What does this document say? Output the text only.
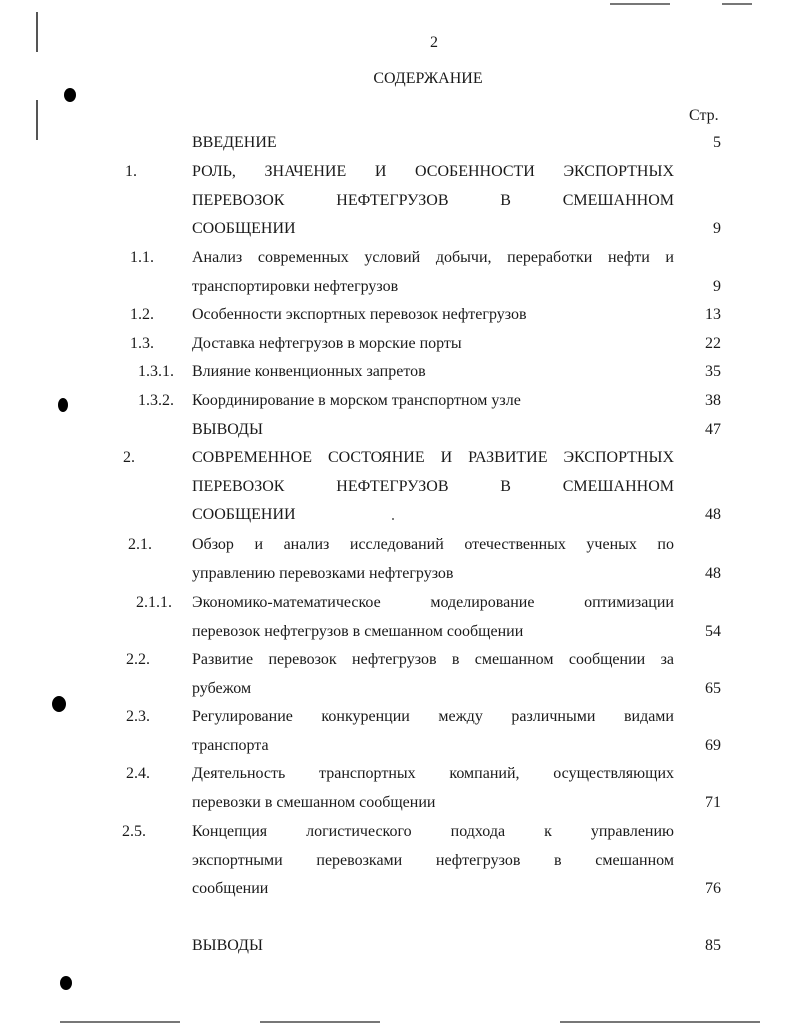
2
СОДЕРЖАНИЕ
Стр.
ВВЕДЕНИЕ	5
1.	РОЛЬ, ЗНАЧЕНИЕ И ОСОБЕННОСТИ ЭКСПОРТНЫХ
ПЕРЕВОЗОК НЕФТЕГРУЗОВ В СМЕШАННОМ
СООБЩЕНИИ	9
1.1. Анализ современных условий добычи, переработки нефти и
транспортировки нефтегрузов	9
1.2. Особенности экспортных перевозок нефтегрузов	13
1.3. Доставка нефтегрузов в морские порты	22
1.3.1. Влияние конвенционных запретов	35
1.3.2. Координирование в морском транспортном узле	38
ВЫВОДЫ	47
2.	СОВРЕМЕННОЕ СОСТОЯНИЕ И РАЗВИТИЕ ЭКСПОРТНЫХ
ПЕРЕВОЗОК НЕФТЕГРУЗОВ В СМЕШАННОМ
СООБЩЕНИИ	48
2.1.	Обзор и анализ исследований отечественных ученых по
управлению перевозками нефтегрузов	48
2.1.1. Экономико-математическое моделирование оптимизации
перевозок нефтегрузов в смешанном сообщении	54
2.2.	Развитие перевозок нефтегрузов в смешанном сообщении за
рубежом	65
2.3.	Регулирование конкуренции между различными видами
транспорта	69
2.4.	Деятельность транспортных компаний, осуществляющих
перевозки в смешанном сообщении	71
2.5.	Концепция логистического подхода к управлению
экспортными перевозками нефтегрузов в смешанном
сообщении	76
ВЫВОДЫ	85
